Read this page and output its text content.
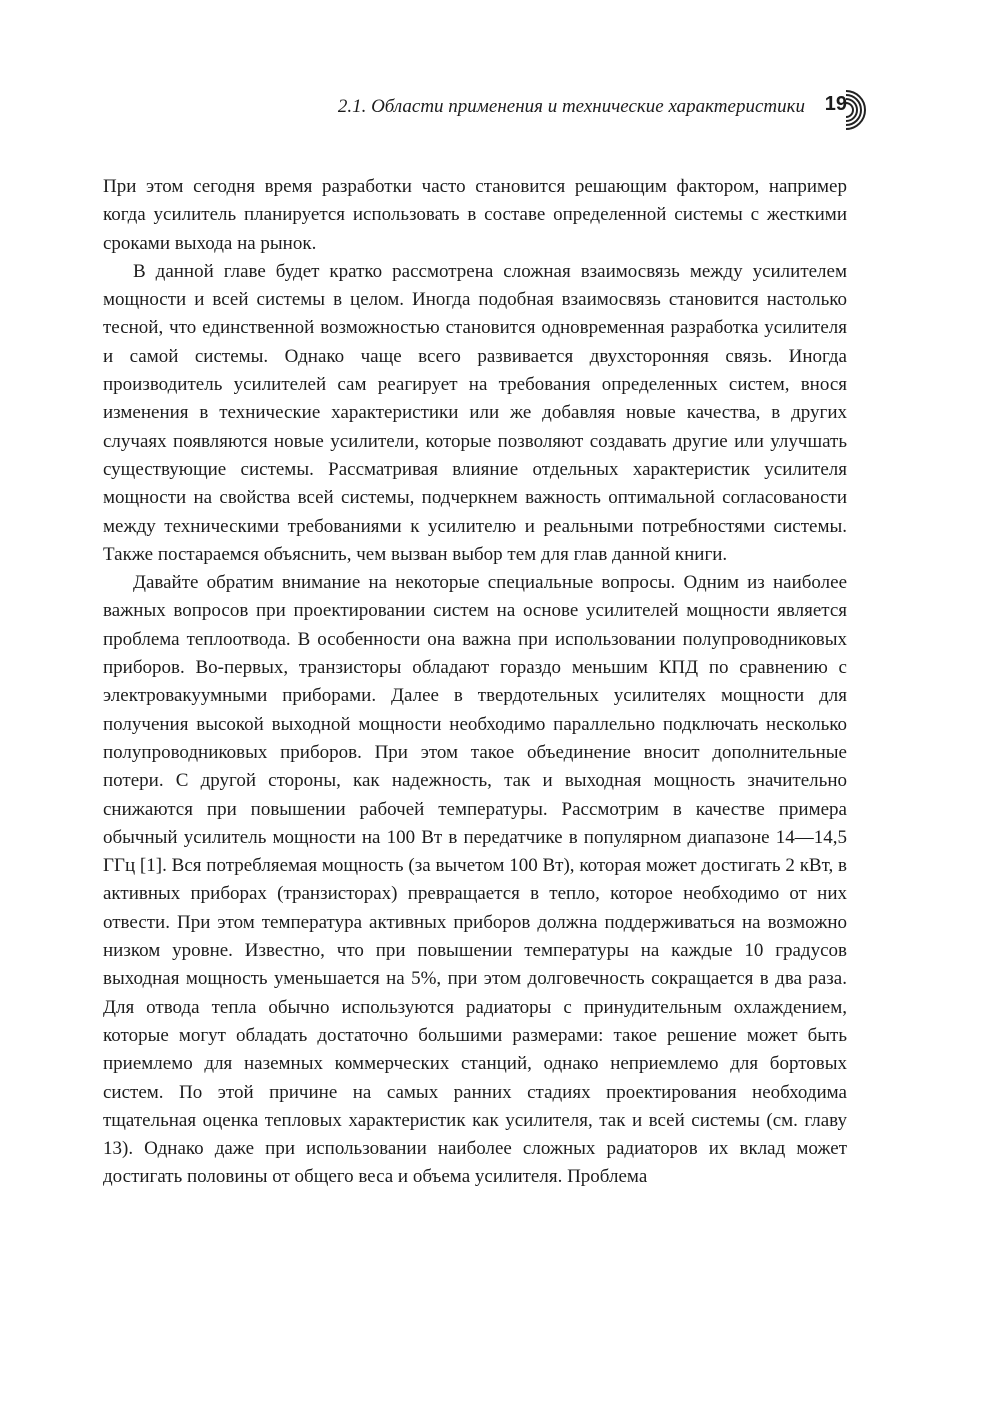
2.1. Области применения и технические характеристики 19

При этом сегодня время разработки часто становится решающим фактором, например когда усилитель планируется использовать в составе определенной системы с жесткими сроками выхода на рынок.

В данной главе будет кратко рассмотрена сложная взаимосвязь между усилителем мощности и всей системы в целом. Иногда подобная взаимосвязь становится настолько тесной, что единственной возможностью становится одновременная разработка усилителя и самой системы. Однако чаще всего развивается двухсторонняя связь. Иногда производитель усилителей сам реагирует на требования определенных систем, внося изменения в технические характеристики или же добавляя новые качества, в других случаях появляются новые усилители, которые позволяют создавать другие или улучшать существующие системы. Рассматривая влияние отдельных характеристик усилителя мощности на свойства всей системы, подчеркнем важность оптимальной согласованости между техническими требованиями к усилителю и реальными потребностями системы. Также постараемся объяснить, чем вызван выбор тем для глав данной книги.

Давайте обратим внимание на некоторые специальные вопросы. Одним из наиболее важных вопросов при проектировании систем на основе усилителей мощности является проблема теплоотвода. В особенности она важна при использовании полупроводниковых приборов. Во-первых, транзисторы обладают гораздо меньшим КПД по сравнению с электровакуумными приборами. Далее в твердотельных усилителях мощности для получения высокой выходной мощности необходимо параллельно подключать несколько полупроводниковых приборов. При этом такое объединение вносит дополнительные потери. С другой стороны, как надежность, так и выходная мощность значительно снижаются при повышении рабочей температуры. Рассмотрим в качестве примера обычный усилитель мощности на 100 Вт в передатчике в популярном диапазоне 14—14,5 ГГц [1]. Вся потребляемая мощность (за вычетом 100 Вт), которая может достигать 2 кВт, в активных приборах (транзисторах) превращается в тепло, которое необходимо от них отвести. При этом температура активных приборов должна поддерживаться на возможно низком уровне. Известно, что при повышении температуры на каждые 10 градусов выходная мощность уменьшается на 5%, при этом долговечность сокращается в два раза. Для отвода тепла обычно используются радиаторы с принудительным охлаждением, которые могут обладать достаточно большими размерами: такое решение может быть приемлемо для наземных коммерческих станций, однако неприемлемо для бортовых систем. По этой причине на самых ранних стадиях проектирования необходима тщательная оценка тепловых характеристик как усилителя, так и всей системы (см. главу 13). Однако даже при использовании наиболее сложных радиаторов их вклад может достигать половины от общего веса и объема усилителя. Проблема
